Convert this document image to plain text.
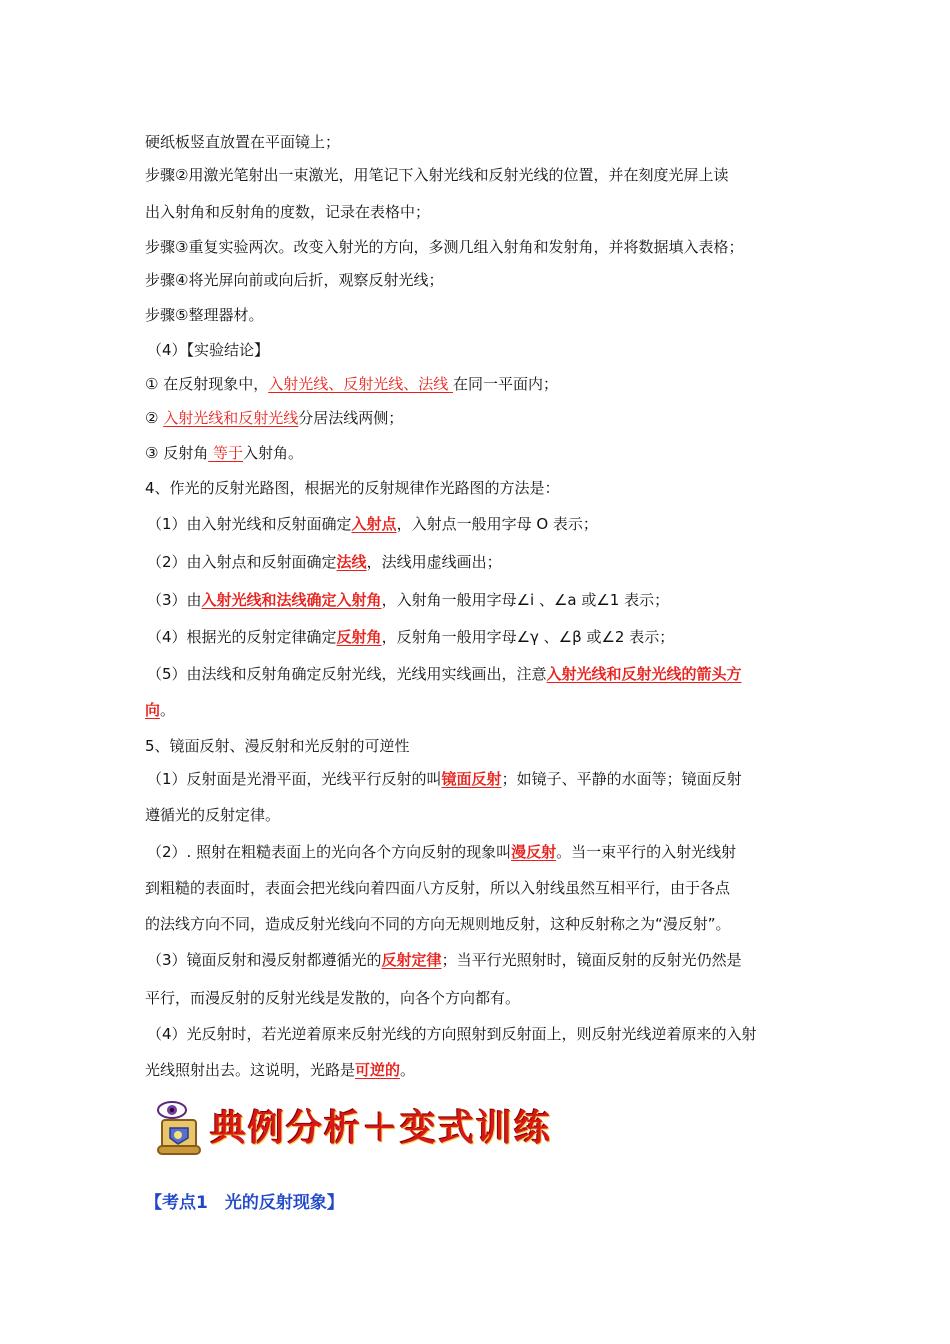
硬纸板竖直放置在平面镜上；
步骤②用激光笔射出一束激光，用笔记下入射光线和反射光线的位置，并在刻度光屏上读
出入射角和反射角的度数，记录在表格中；
步骤③重复实验两次。改变入射光的方向，多测几组入射角和发射角，并将数据填入表格；
步骤④将光屏向前或向后折，观察反射光线；
步骤⑤整理器材。
（4）【实验结论】
① 在反射现象中，入射光线、反射光线、法线 在同一平面内；
② 入射光线和反射光线分居法线两侧；
③ 反射角 等于入射角。
4、作光的反射光路图，根据光的反射规律作光路图的方法是：
（1）由入射光线和反射面确定入射点，入射点一般用字母 O 表示；
（2）由入射点和反射面确定法线，法线用虚线画出；
（3）由入射光线和法线确定入射角，入射角一般用字母∠i 、∠a 或∠1 表示；
（4）根据光的反射定律确定反射角，反射角一般用字母∠γ 、∠β 或∠2 表示；
（5）由法线和反射角确定反射光线，光线用实线画出，注意入射光线和反射光线的箭头方
向。
5、镜面反射、漫反射和光反射的可逆性
（1）反射面是光滑平面，光线平行反射的叫镜面反射；如镜子、平静的水面等；镜面反射
遵循光的反射定律。
（2）. 照射在粗糙表面上的光向各个方向反射的现象叫漫反射。当一束平行的入射光线射
到粗糙的表面时，表面会把光线向着四面八方反射，所以入射线虽然互相平行，由于各点
的法线方向不同，造成反射光线向不同的方向无规则地反射，这种反射称之为“漫反射”。
（3）镜面反射和漫反射都遵循光的反射定律；当平行光照射时，镜面反射的反射光仍然是
平行，而漫反射的反射光线是发散的，向各个方向都有。
（4）光反射时，若光逆着原来反射光线的方向照射到反射面上，则反射光线逆着原来的入射
光线照射出去。这说明，光路是可逆的。
典例分析＋变式训练
【考点1　光的反射现象】
